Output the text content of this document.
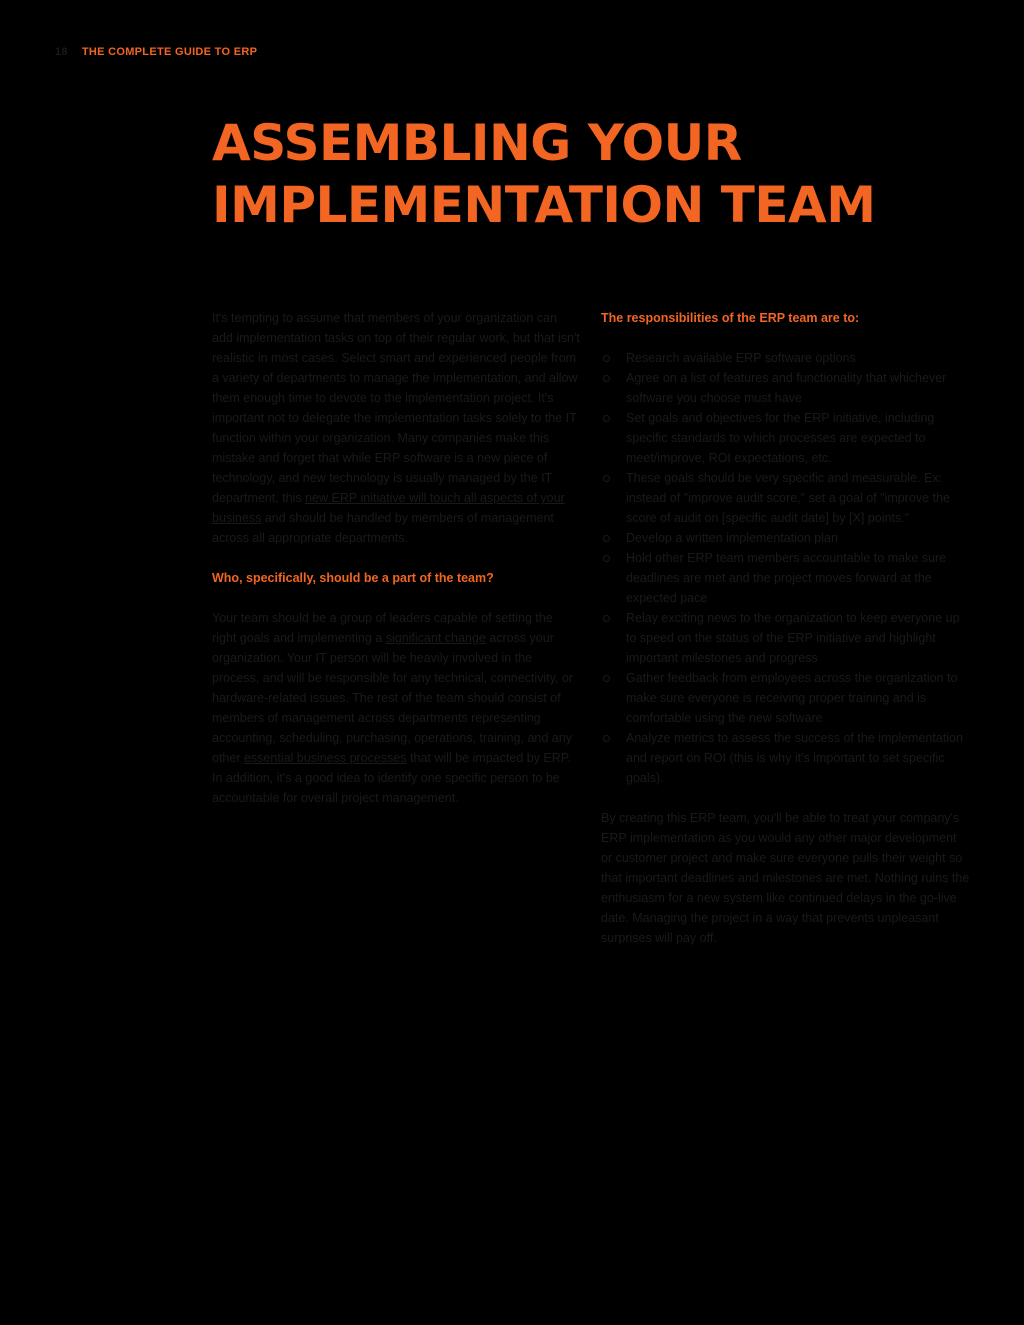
18 THE COMPLETE GUIDE TO ERP
ASSEMBLING YOUR
IMPLEMENTATION TEAM

It's tempting to assume that members of your organization can add implementation tasks on top of their regular work, but that isn't realistic in most cases. Select smart and experienced people from a variety of departments to manage the implementation, and allow them enough time to devote to the implementation project. It's important not to delegate the implementation tasks solely to the IT function within your organization. Many companies make this mistake and forget that while ERP software is a new piece of technology, and new technology is usually managed by the IT department, this new ERP initiative will touch all aspects of your business and should be handled by members of management across all appropriate departments.

Who, specifically, should be a part of the team?

Your team should be a group of leaders capable of setting the right goals and implementing a significant change across your organization. Your IT person will be heavily involved in the process, and will be responsible for any technical, connectivity, or hardware-related issues. The rest of the team should consist of members of management across departments representing accounting, scheduling, purchasing, operations, training, and any other essential business processes that will be impacted by ERP. In addition, it's a good idea to identify one specific person to be accountable for overall project management.

The responsibilities of the ERP team are to:
Research available ERP software options
Agree on a list of features and functionality that whichever software you choose must have
Set goals and objectives for the ERP initiative, including specific standards to which processes are expected to meet/improve, ROI expectations, etc.
These goals should be very specific and measurable. Ex: instead of "improve audit score," set a goal of "improve the score of audit on [specific audit date] by [X] points."
Develop a written implementation plan
Hold other ERP team members accountable to make sure deadlines are met and the project moves forward at the expected pace
Relay exciting news to the organization to keep everyone up to speed on the status of the ERP initiative and highlight important milestones and progress
Gather feedback from employees across the organization to make sure everyone is receiving proper training and is comfortable using the new software
Analyze metrics to assess the success of the implementation and report on ROI (this is why it's important to set specific goals).

By creating this ERP team, you'll be able to treat your company's ERP implementation as you would any other major development or customer project and make sure everyone pulls their weight so that important deadlines and milestones are met. Nothing ruins the enthusiasm for a new system like continued delays in the go-live date. Managing the project in a way that prevents unpleasant surprises will pay off.
